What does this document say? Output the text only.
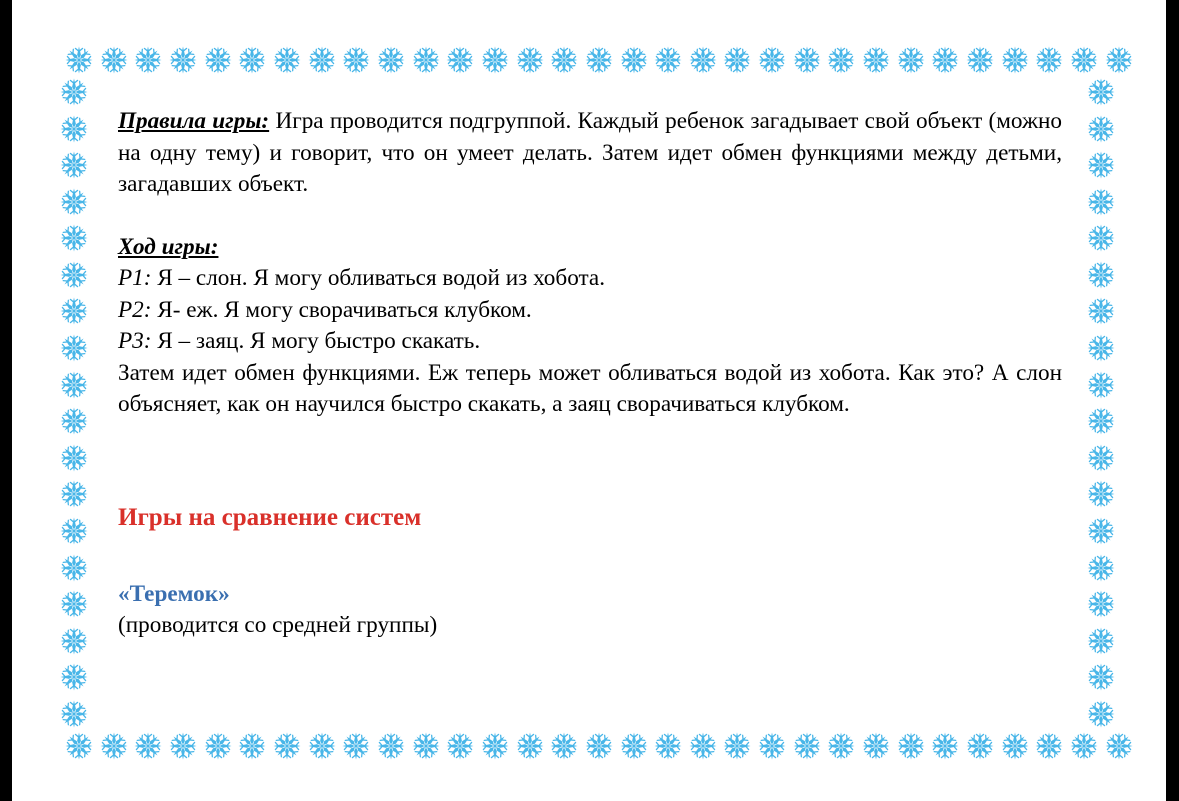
Правила игры: Игра проводится подгруппой. Каждый ребенок загадывает свой объект (можно на одну тему) и говорит, что он умеет делать. Затем идет обмен функциями между детьми, загадавших объект.

Ход игры:

Р1: Я – слон. Я могу обливаться водой из хобота.

Р2: Я- еж. Я могу сворачиваться клубком.

Р3: Я – заяц. Я могу быстро скакать.

Затем идет обмен функциями. Еж теперь может обливаться водой из хобота. Как это? А слон объясняет, как он научился быстро скакать, а заяц сворачиваться клубком.

Игры на сравнение систем

«Теремок»

(проводится со средней группы)
